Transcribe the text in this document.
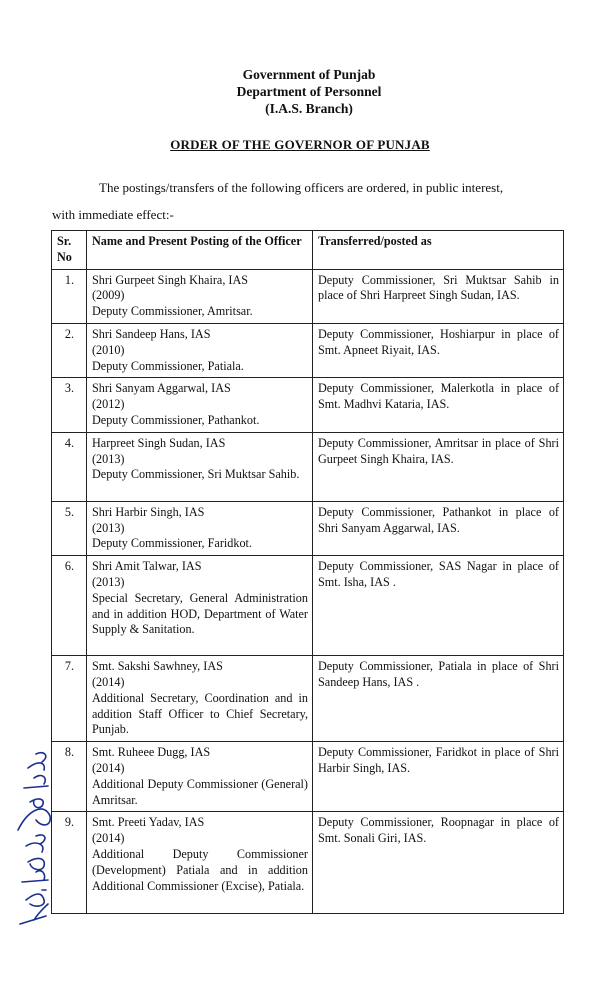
Government of Punjab
Department of Personnel
(I.A.S. Branch)
ORDER OF THE GOVERNOR OF PUNJAB
The postings/transfers of the following officers are ordered, in public interest,
with immediate effect:-
Sr. No	Name and Present Posting of the Officer	Transferred/posted as
1.	Shri Gurpeet Singh Khaira, IAS
(2009)
Deputy Commissioner, Amritsar.	Deputy Commissioner, Sri Muktsar Sahib in place of Shri Harpreet Singh Sudan, IAS.
2.	Shri Sandeep Hans, IAS
(2010)
Deputy Commissioner, Patiala.	Deputy Commissioner, Hoshiarpur in place of Smt. Apneet Riyait, IAS.
3.	Shri Sanyam Aggarwal, IAS
(2012)
Deputy Commissioner, Pathankot.	Deputy Commissioner, Malerkotla in place of Smt. Madhvi Kataria, IAS.
4.	Harpreet Singh Sudan, IAS
(2013)
Deputy Commissioner, Sri Muktsar Sahib.	Deputy Commissioner, Amritsar in place of Shri Gurpeet Singh Khaira, IAS.
5.	Shri Harbir Singh, IAS
(2013)
Deputy Commissioner, Faridkot.	Deputy Commissioner, Pathankot in place of Shri Sanyam Aggarwal, IAS.
6.	Shri Amit Talwar, IAS
(2013)
Special Secretary, General Administration and in addition HOD, Department of Water Supply & Sanitation.	Deputy Commissioner, SAS Nagar in place of Smt. Isha, IAS .
7.	Smt. Sakshi Sawhney, IAS
(2014)
Additional Secretary, Coordination and in addition Staff Officer to Chief Secretary, Punjab.	Deputy Commissioner, Patiala in place of Shri Sandeep Hans, IAS .
8.	Smt. Ruheee Dugg, IAS
(2014)
Additional Deputy Commissioner (General) Amritsar.	Deputy Commissioner, Faridkot in place of Shri Harbir Singh, IAS.
9.	Smt. Preeti Yadav, IAS
(2014)
Additional Deputy Commissioner (Development) Patiala and in addition Additional Commissioner (Excise), Patiala.	Deputy Commissioner, Roopnagar in place of Smt. Sonali Giri, IAS.
